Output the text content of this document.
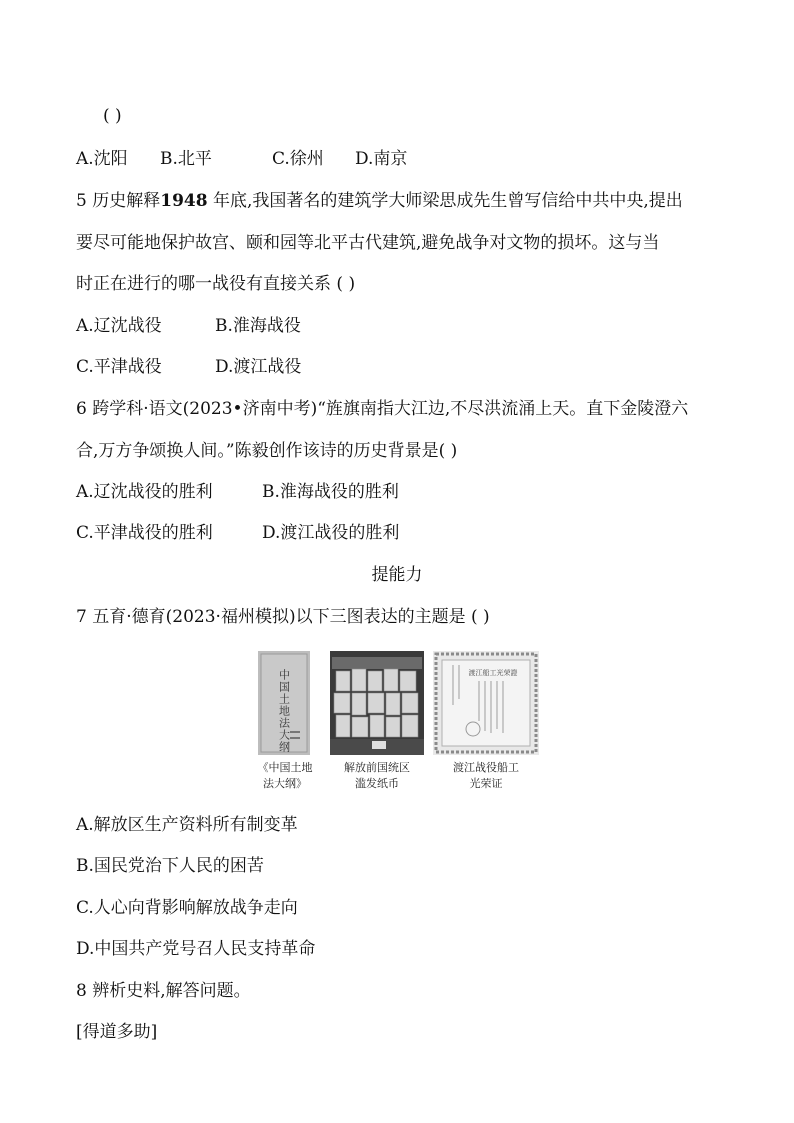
( )
A.沈阳 B.北平	C.徐州 D.南京
5 历史解释1948 年底,我国著名的建筑学大师梁思成先生曾写信给中共中央,提出
要尽可能地保护故宫、颐和园等北平古代建筑,避免战争对文物的损坏。这与当
时正在进行的哪一战役有直接关系 ( )
A.辽沈战役	B.淮海战役
C.平津战役	D.渡江战役
6 跨学科·语文(2023•济南中考)“旌旗南指大江边,不尽洪流涌上天。直下金陵澄六
合,万方争颂换人间。”陈毅创作该诗的历史背景是( )
A.辽沈战役的胜利	B.淮海战役的胜利
C.平津战役的胜利	D.渡江战役的胜利
提能力
7 五育·德育(2023·福州模拟)以下三图表达的主题是 ( )
中国土地法大纲
《中国土地
法大纲》
解放前国统区
滥发纸币
渡江船工光荣證
渡江战役船工
光荣证
A.解放区生产资料所有制变革
B.国民党治下人民的困苦
C.人心向背影响解放战争走向
D.中国共产党号召人民支持革命
8 辨析史料,解答问题。
[得道多助]
